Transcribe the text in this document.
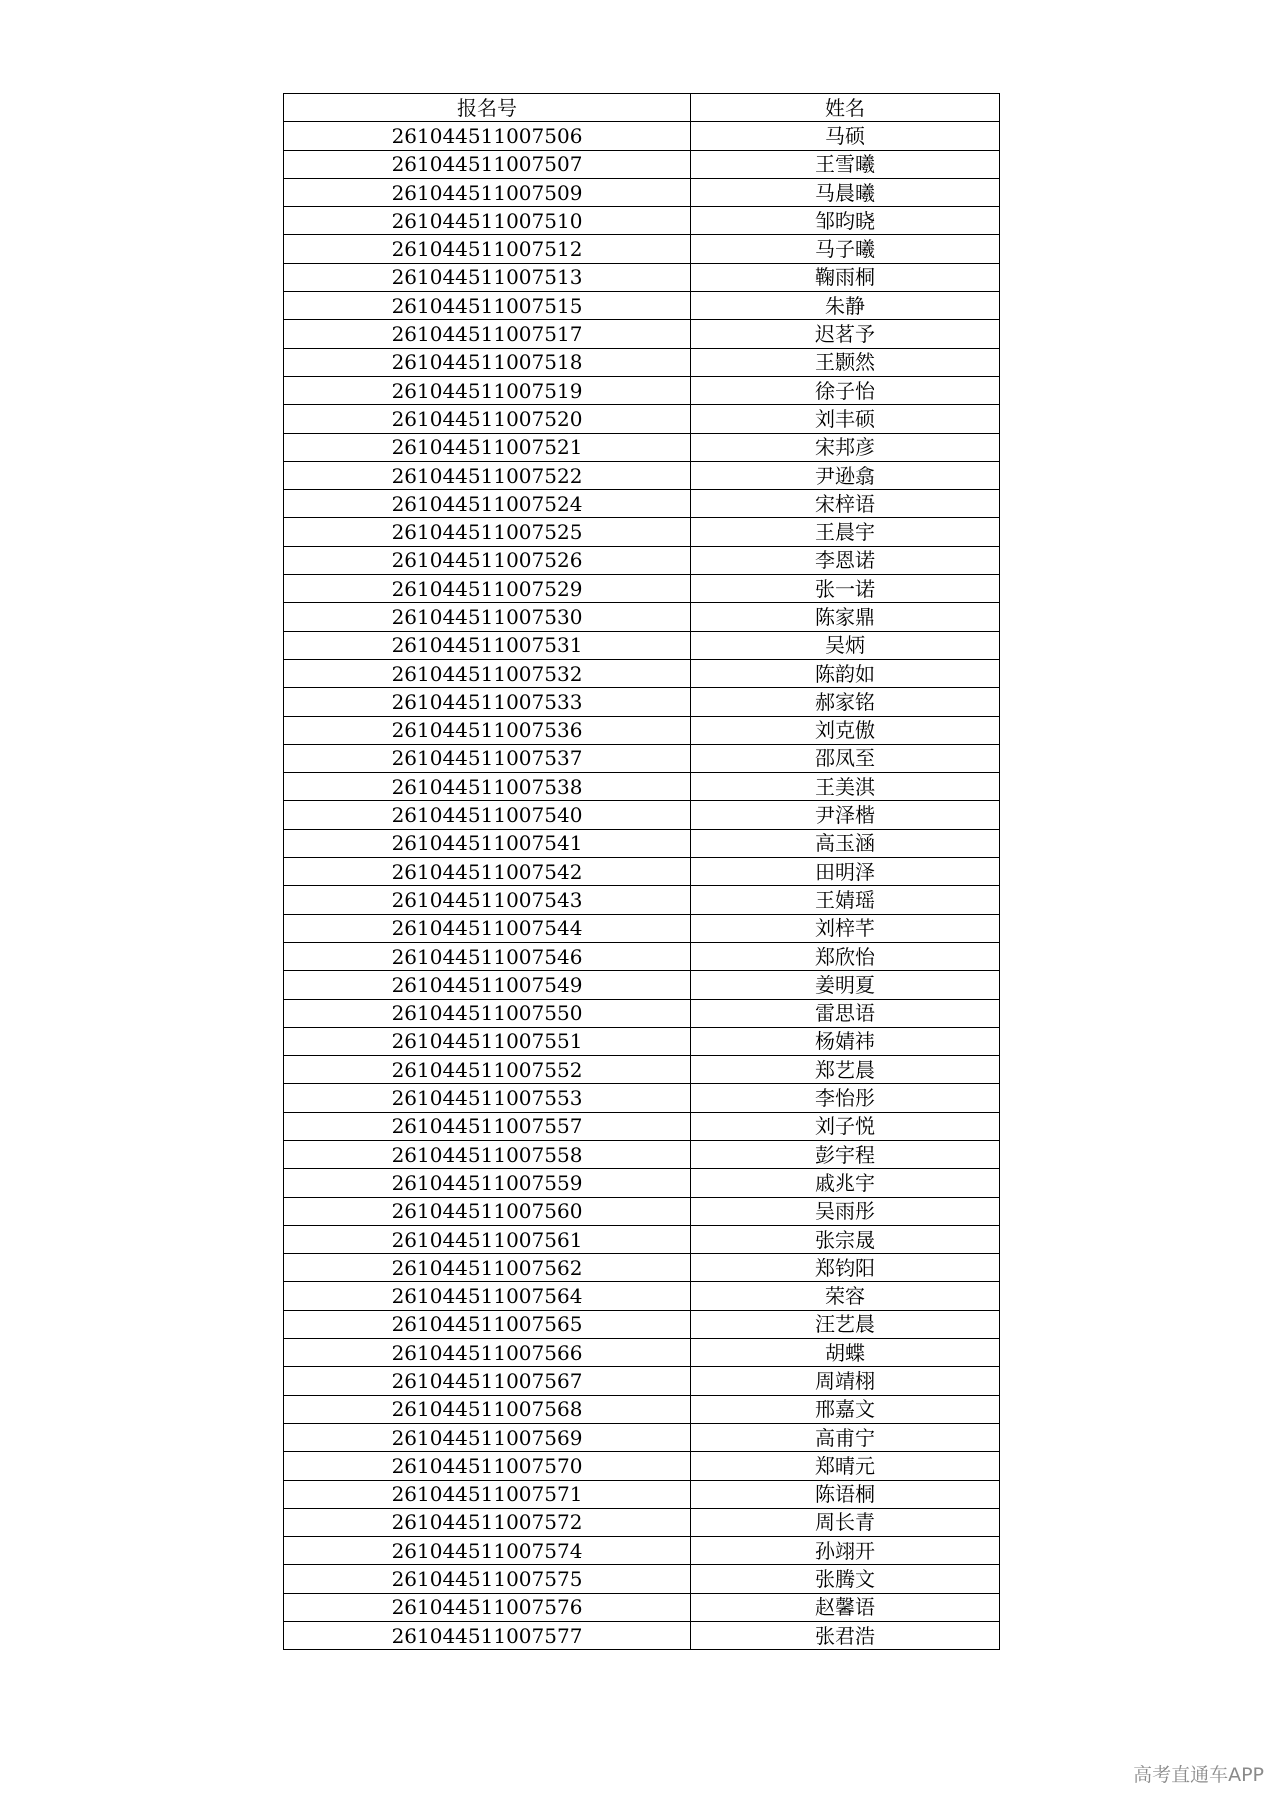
报名号	姓名
261044511007506	马硕
261044511007507	王雪曦
261044511007509	马晨曦
261044511007510	邹昀晓
261044511007512	马子曦
261044511007513	鞠雨桐
261044511007515	朱静
261044511007517	迟茗予
261044511007518	王颢然
261044511007519	徐子怡
261044511007520	刘丰硕
261044511007521	宋邦彦
261044511007522	尹逊翕
261044511007524	宋梓语
261044511007525	王晨宇
261044511007526	李恩诺
261044511007529	张一诺
261044511007530	陈家鼎
261044511007531	吴炳
261044511007532	陈韵如
261044511007533	郝家铭
261044511007536	刘克傲
261044511007537	邵凤至
261044511007538	王美淇
261044511007540	尹泽楷
261044511007541	高玉涵
261044511007542	田明泽
261044511007543	王婧瑶
261044511007544	刘梓芊
261044511007546	郑欣怡
261044511007549	姜明夏
261044511007550	雷思语
261044511007551	杨婧祎
261044511007552	郑艺晨
261044511007553	李怡彤
261044511007557	刘子悦
261044511007558	彭宇程
261044511007559	戚兆宇
261044511007560	吴雨彤
261044511007561	张宗晟
261044511007562	郑钧阳
261044511007564	荣容
261044511007565	汪艺晨
261044511007566	胡蝶
261044511007567	周靖栩
261044511007568	邢嘉文
261044511007569	高甫宁
261044511007570	郑晴元
261044511007571	陈语桐
261044511007572	周长青
261044511007574	孙翊开
261044511007575	张腾文
261044511007576	赵馨语
261044511007577	张君浩
高考直通车APP
